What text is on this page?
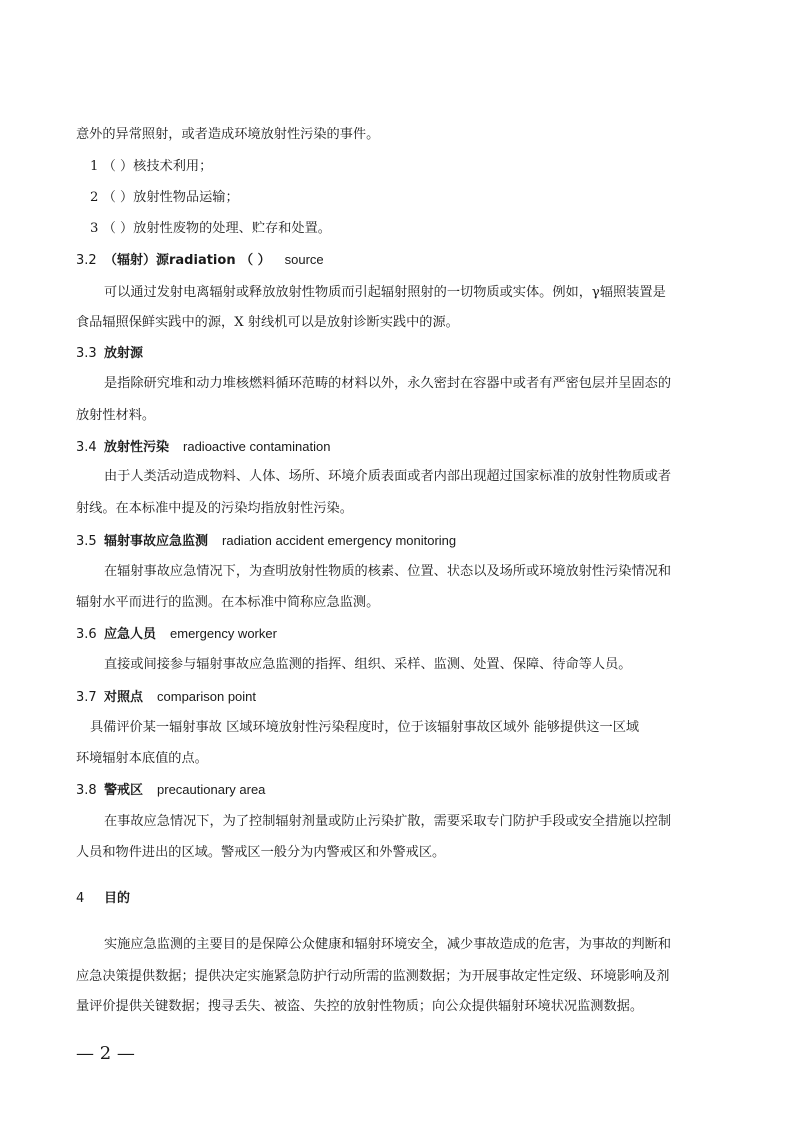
意外的异常照射，或者造成环境放射性污染的事件。
1 （ ）核技术利用；
2 （ ）放射性物品运输；
3 （ ）放射性废物的处理、贮存和处置。
3.2 （辐射）源radiation （ ） source
可以通过发射电离辐射或释放放射性物质而引起辐射照射的一切物质或实体。例如，γ辐照装置是
食品辐照保鲜实践中的源，X 射线机可以是放射诊断实践中的源。
3.3 放射源
是指除研究堆和动力堆核燃料循环范畴的材料以外，永久密封在容器中或者有严密包层并呈固态的
放射性材料。
3.4 放射性污染 radioactive contamination
由于人类活动造成物料、人体、场所、环境介质表面或者内部出现超过国家标准的放射性物质或者
射线。在本标准中提及的污染均指放射性污染。
3.5 辐射事故应急监测 radiation accident emergency monitoring
在辐射事故应急情况下，为查明放射性物质的核素、位置、状态以及场所或环境放射性污染情况和
辐射水平而进行的监测。在本标准中简称应急监测。
3.6 应急人员 emergency worker
直接或间接参与辐射事故应急监测的指挥、组织、采样、监测、处置、保障、待命等人员。
3.7 对照点 comparison point
具備评价某一辐射事故 区域环境放射性污染程度时，位于该辐射事故区域外 能够提供这一区域
环境辐射本底值的点。
3.8 警戒区 precautionary area
在事故应急情况下，为了控制辐射剂量或防止污染扩散，需要采取专门防护手段或安全措施以控制
人员和物件进出的区域。警戒区一般分为内警戒区和外警戒区。
4 目的
实施应急监测的主要目的是保障公众健康和辐射环境安全，减少事故造成的危害，为事故的判断和
应急决策提供数据；提供决定实施紧急防护行动所需的监测数据；为开展事故定性定级、环境影响及剂
量评价提供关键数据；搜寻丢失、被盗、失控的放射性物质；向公众提供辐射环境状况监测数据。
— 2 —
